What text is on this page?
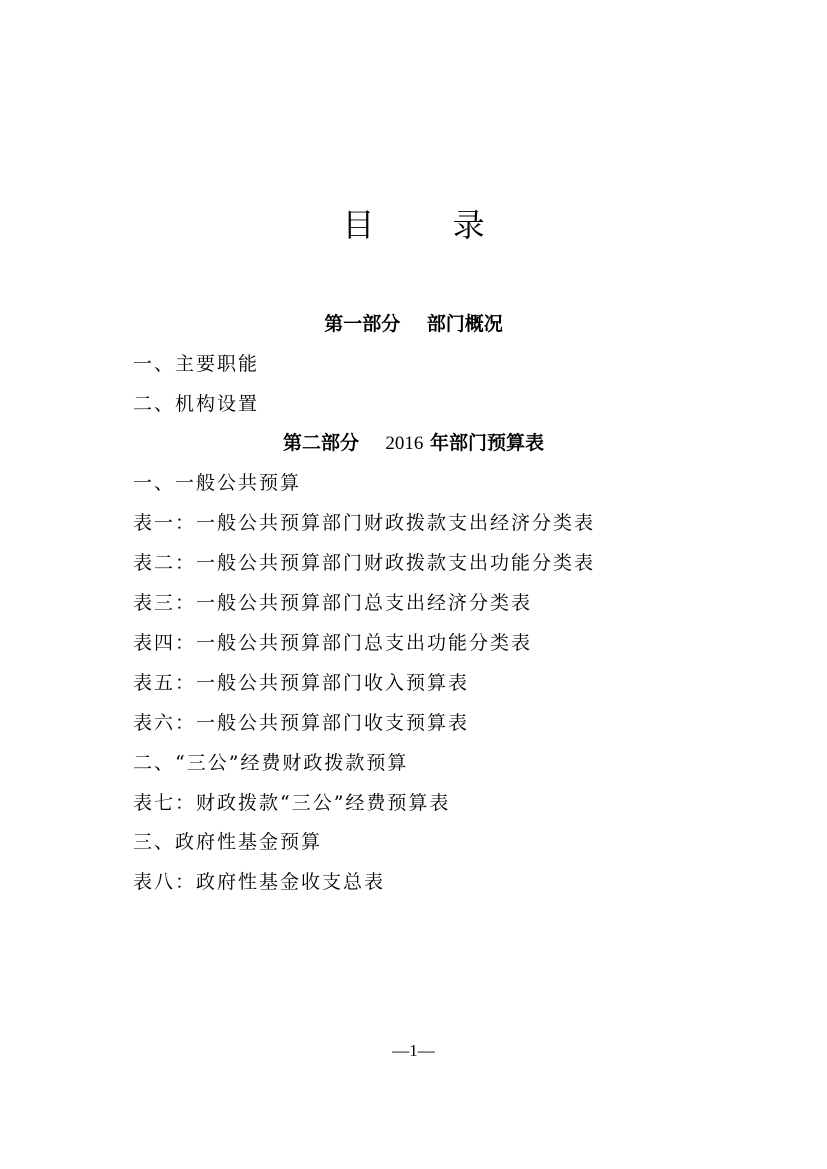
目 录
第一部分    部门概况
一、主要职能
二、机构设置
第二部分    2016 年部门预算表
一、一般公共预算
表一：一般公共预算部门财政拨款支出经济分类表
表二：一般公共预算部门财政拨款支出功能分类表
表三：一般公共预算部门总支出经济分类表
表四：一般公共预算部门总支出功能分类表
表五：一般公共预算部门收入预算表
表六：一般公共预算部门收支预算表
二、“三公”经费财政拨款预算
表七：财政拨款“三公”经费预算表
三、政府性基金预算
表八：政府性基金收支总表
—1—
